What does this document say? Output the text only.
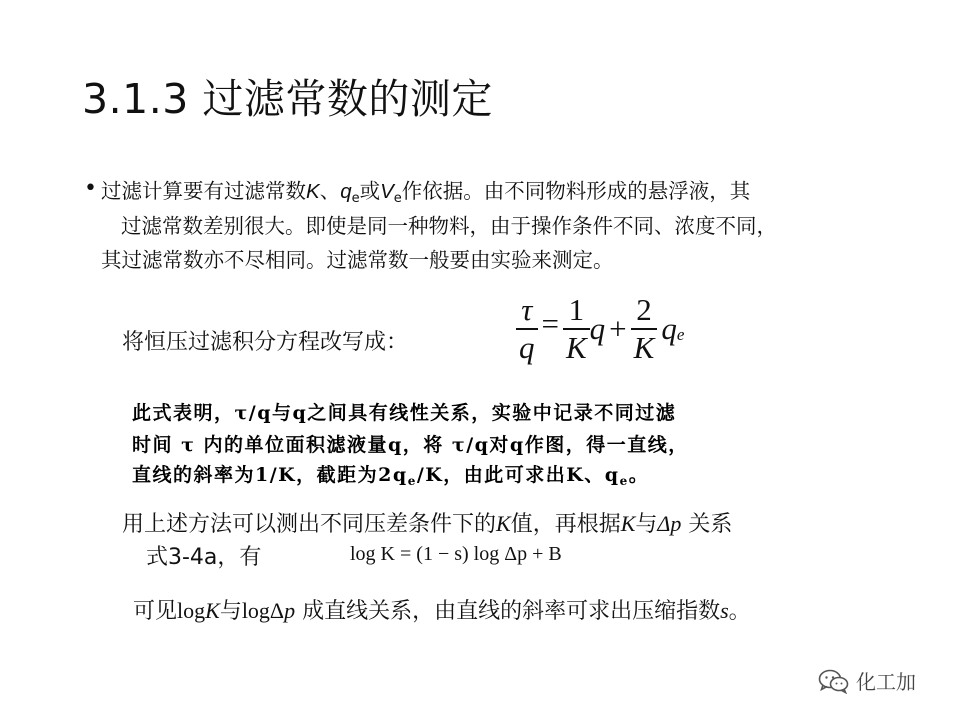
3.1.3 过滤常数的测定
• 过滤计算要有过滤常数K、$q_e$或$V_e$作依据。由不同物料形成的悬浮液，其
过滤常数差别很大。即使是同一种物料，由于操作条件不同、浓度不同，
其过滤常数亦不尽相同。过滤常数一般要由实验来测定。
将恒压过滤积分方程改写成：	$\frac{\tau}{q} = \frac{1}{K}$ $q + \frac{2}{K}$ qe
此式表明，τ/q与q之间具有线性关系，实验中记录不同过滤
时间 τ 内的单位面积滤液量q，将 τ/q对q作图，得一直线，
直线的斜率为1/K，截距为$2q_e/K$，由此可求出K、$q_e$。
用上述方法可以测出不同压差条件下的K值，再根据K与Δp 关系
式3-4a，有	log K = (1 − s) log Δp + B
可见logK与logΔp 成直线关系，由直线的斜率可求出压缩指数s。
化工加
